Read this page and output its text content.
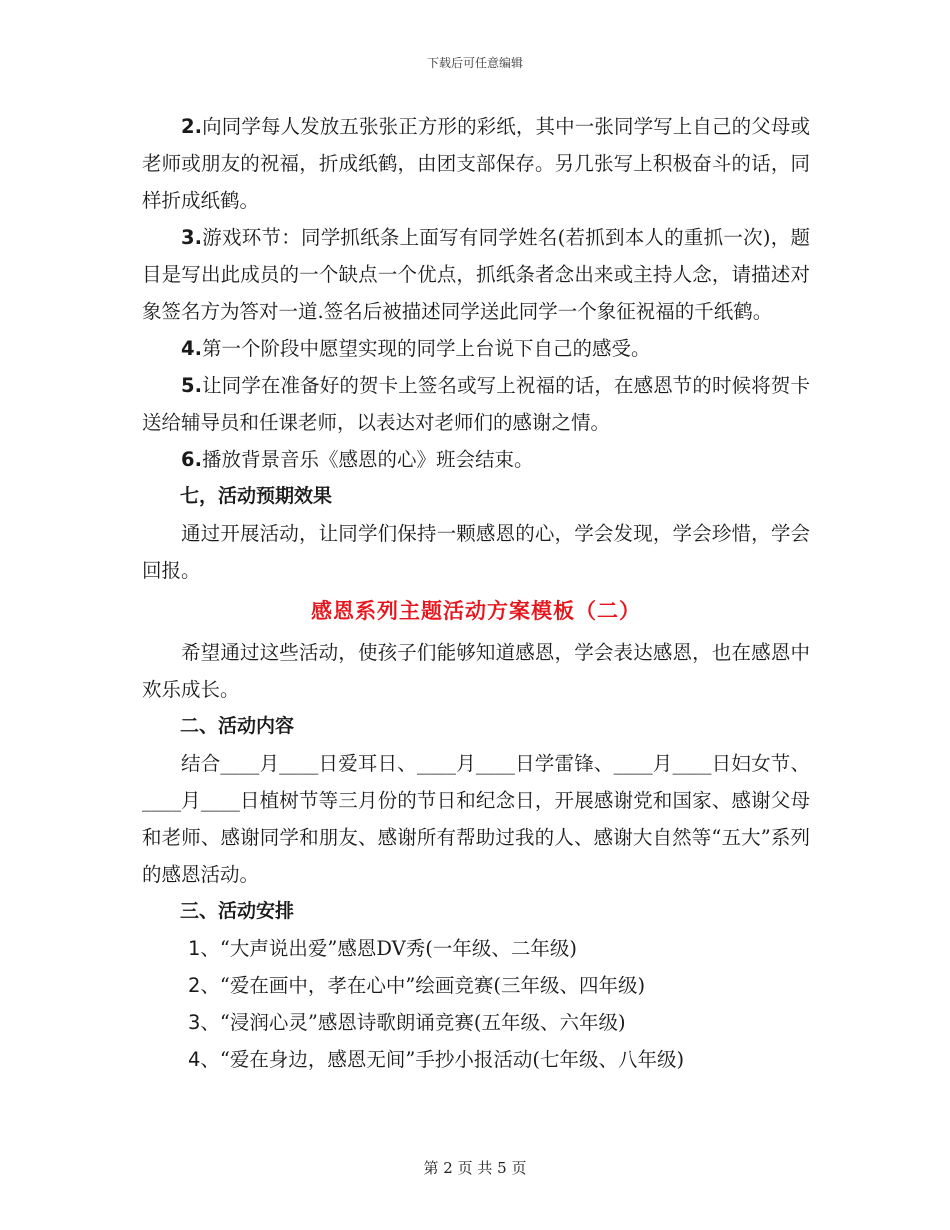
下载后可任意编辑

2.向同学每人发放五张张正方形的彩纸，其中一张同学写上自己的父母或老师或朋友的祝福，折成纸鹤，由团支部保存。另几张写上积极奋斗的话，同样折成纸鹤。

3.游戏环节：同学抓纸条上面写有同学姓名(若抓到本人的重抓一次)，题目是写出此成员的一个缺点一个优点，抓纸条者念出来或主持人念，请描述对象签名方为答对一道.签名后被描述同学送此同学一个象征祝福的千纸鹤。

4.第一个阶段中愿望实现的同学上台说下自己的感受。

5.让同学在准备好的贺卡上签名或写上祝福的话，在感恩节的时候将贺卡送给辅导员和任课老师，以表达对老师们的感谢之情。

6.播放背景音乐《感恩的心》班会结束。

七，活动预期效果

通过开展活动，让同学们保持一颗感恩的心，学会发现，学会珍惜，学会回报。

感恩系列主题活动方案模板（二）

希望通过这些活动，使孩子们能够知道感恩，学会表达感恩，也在感恩中欢乐成长。

二、活动内容

结合____月____日爱耳日、____月____日学雷锋、____月____日妇女节、____月____日植树节等三月份的节日和纪念日，开展感谢党和国家、感谢父母和老师、感谢同学和朋友、感谢所有帮助过我的人、感谢大自然等“五大”系列的感恩活动。

三、活动安排

1、“大声说出爱”感恩DV秀(一年级、二年级)

2、“爱在画中，孝在心中”绘画竞赛(三年级、四年级)

3、“浸润心灵”感恩诗歌朗诵竞赛(五年级、六年级)

4、“爱在身边，感恩无间”手抄小报活动(七年级、八年级)

第 2 页 共 5 页
